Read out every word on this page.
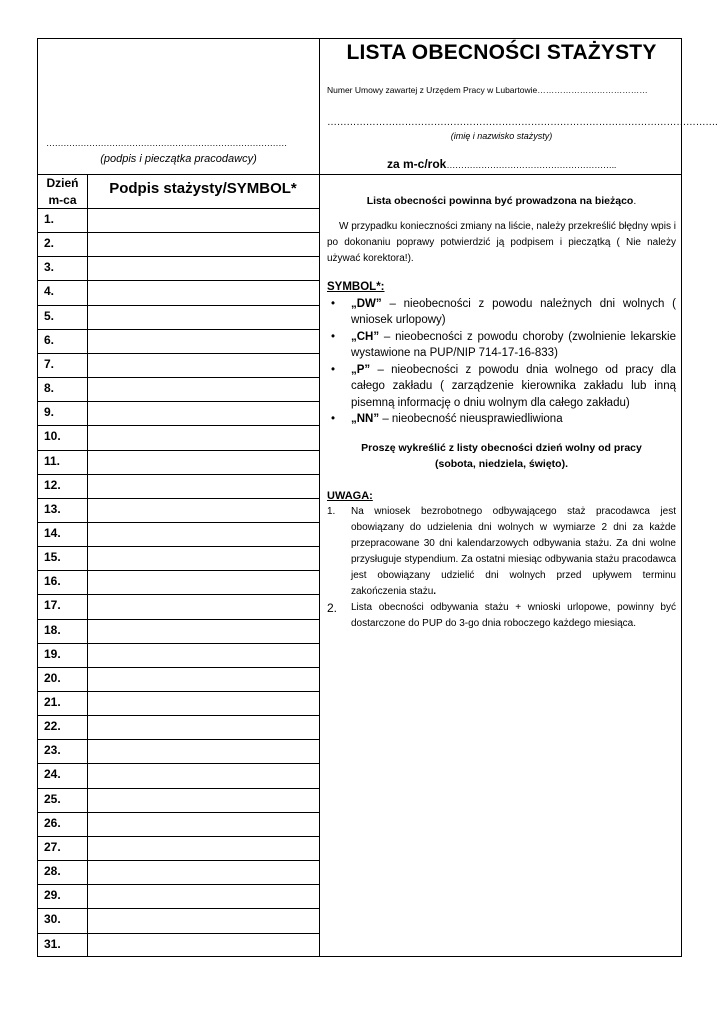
…………………………………………………………………………
(podpis i pieczątka pracodawcy)
LISTA OBECNOŚCI STAŻYSTY
Numer Umowy zawartej z Urzędem Pracy w Lubartowie…………………………………
………………………………………………………………………………………………………….
(imię i nazwisko stażysty)
za m-c/rok…………………………………………………..
Dzień
m-ca
Podpis stażysty/SYMBOL*
1.
2.
3.
4.
5.
6.
7.
8.
9.
10.
11.
12.
13.
14.
15.
16.
17.
18.
19.
20.
21.
22.
23.
24.
25.
26.
27.
28.
29.
30.
31.

Lista obecności powinna być prowadzona na bieżąco.

W przypadku konieczności zmiany na liście, należy przekreślić błędny wpis i po dokonaniu poprawy potwierdzić ją podpisem i pieczątką ( Nie należy używać korektora!).

SYMBOL*:

• „DW” – nieobecności z powodu należnych dni wolnych ( wniosek urlopowy)
• „CH” – nieobecności z powodu choroby (zwolnienie lekarskie wystawione na PUP/NIP 714-17-16-833)
• „P” – nieobecności z powodu dnia wolnego od pracy dla całego zakładu ( zarządzenie kierownika zakładu lub inną pisemną informację o dniu wolnym dla całego zakładu)
• „NN” – nieobecność nieusprawiedliwiona

Proszę wykreślić z listy obecności dzień wolny od pracy

(sobota, niedziela, święto).

UWAGA:

1. Na wniosek bezrobotnego odbywającego staż pracodawca jest obowiązany do udzielenia dni wolnych w wymiarze 2 dni za każde przepracowane 30 dni kalendarzowych odbywania stażu. Za dni wolne przysługuje stypendium. Za ostatni miesiąc odbywania stażu pracodawca jest obowiązany udzielić dni wolnych przed upływem terminu zakończenia stażu.
2. Lista obecności odbywania stażu + wnioski urlopowe, powinny być dostarczone do PUP do 3-go dnia roboczego każdego miesiąca.
